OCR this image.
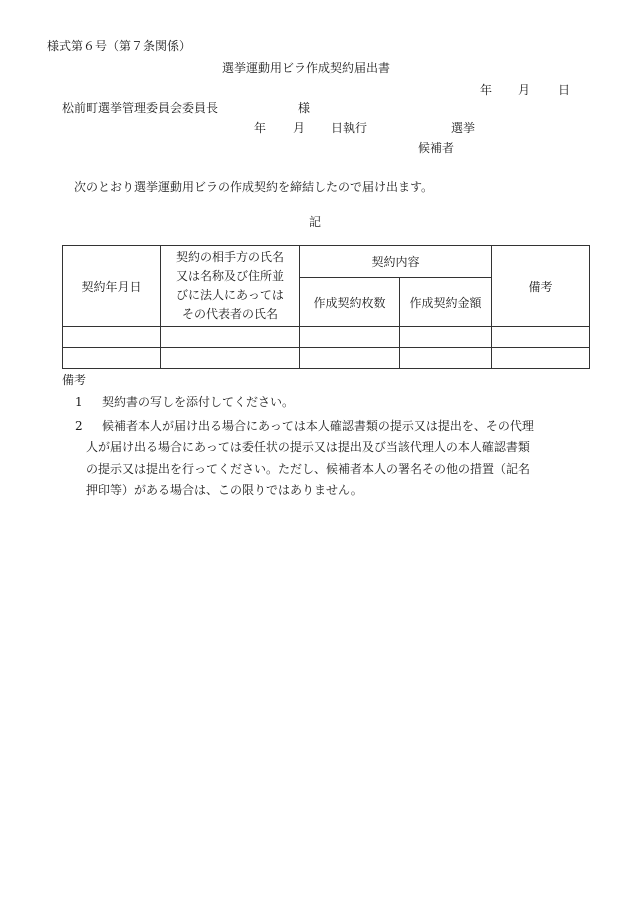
様式第６号（第７条関係）
選挙運動用ビラ作成契約届出書
年 月 日
松前町選挙管理委員会委員長	様
年 月 日執行	選挙
候補者
次のとおり選挙運動用ビラの作成契約を締結したので届け出ます。
記
契約年月日	契約の相手方の氏名
又は名称及び住所並
びに法人にあっては
その代表者の氏名	契約内容		備考
		作成契約枚数	作成契約金額	

備考
1 契約書の写しを添付してください。
2 候補者本人が届け出る場合にあっては本人確認書類の提示又は提出を、その代理
人が届け出る場合にあっては委任状の提示又は提出及び当該代理人の本人確認書類
の提示又は提出を行ってください。ただし、候補者本人の署名その他の措置（記名
押印等）がある場合は、この限りではありません。
